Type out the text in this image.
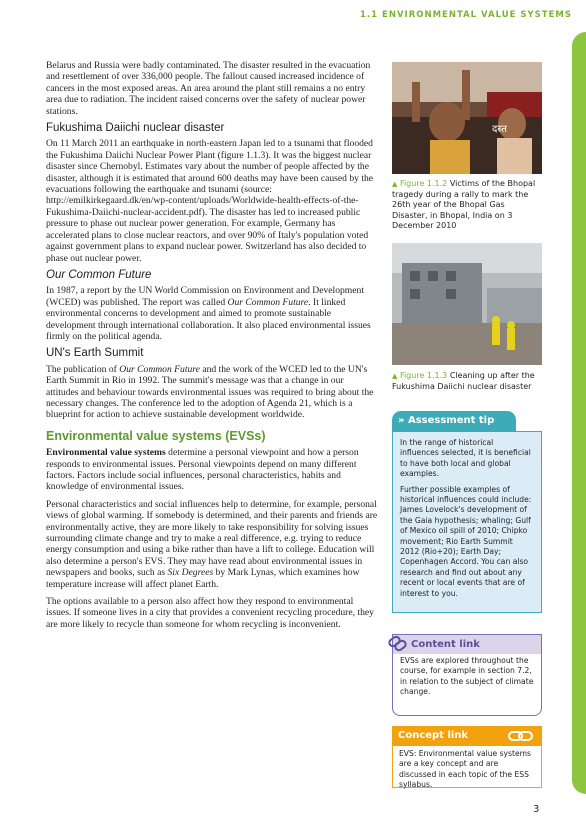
1.1 ENVIRONMENTAL VALUE SYSTEMS

Belarus and Russia were badly contaminated. The disaster resulted in the evacuation and resettlement of over 336,000 people. The fallout caused increased incidence of cancers in the most exposed areas. An area around the plant still remains a no entry area due to radiation. The incident raised concerns over the safety of nuclear power stations.

Fukushima Daiichi nuclear disaster

On 11 March 2011 an earthquake in north-eastern Japan led to a tsunami that flooded the Fukushima Daiichi Nuclear Power Plant (figure 1.1.3). It was the biggest nuclear disaster since Chernobyl. Estimates vary about the number of people affected by the disaster, although it is estimated that around 600 deaths may have been caused by the evacuations following the earthquake and tsunami (source: http://emilkirkegaard.dk/en/wp-content/uploads/Worldwide-health-effects-of-the-Fukushima-Daiichi-nuclear-accident.pdf). The disaster has led to increased public pressure to phase out nuclear power generation. For example, Germany has accelerated plans to close nuclear reactors, and over 90% of Italy's population voted against government plans to expand nuclear power. Switzerland has also decided to phase out nuclear power.

Our Common Future

In 1987, a report by the UN World Commission on Environment and Development (WCED) was published. The report was called Our Common Future. It linked environmental concerns to development and aimed to promote sustainable development through international collaboration. It also placed environmental issues firmly on the political agenda.

UN's Earth Summit

The publication of Our Common Future and the work of the WCED led to the UN's Earth Summit in Rio in 1992. The summit's message was that a change in our attitudes and behaviour towards environmental issues was required to bring about the necessary changes. The conference led to the adoption of Agenda 21, which is a blueprint for action to achieve sustainable development worldwide.

Environmental value systems (EVSs)

Environmental value systems determine a personal viewpoint and how a person responds to environmental issues. Personal viewpoints depend on many different factors. Factors include social influences, personal characteristics, habits and knowledge of environmental issues.

Personal characteristics and social influences help to determine, for example, personal views of global warming. If somebody is determined, and their parents and friends are environmentally active, they are more likely to take responsibility for solving issues surrounding climate change and try to make a real difference, e.g. trying to reduce energy consumption and using a bike rather than have a lift to college. Education will also determine a person's EVS. They may have read about environmental issues in newspapers and books, such as Six Degrees by Mark Lynas, which examines how temperature increase will affect planet Earth.

The options available to a person also affect how they respond to environmental issues. If someone lives in a city that provides a convenient recycling procedure, they are more likely to recycle than someone for whom recycling is inconvenient.

दस्त
▲ Figure 1.1.2 Victims of the Bhopal tragedy during a rally to mark the 26th year of the Bhopal Gas Disaster, in Bhopal, India on 3 December 2010
▲ Figure 1.1.3 Cleaning up after the Fukushima Daiichi nuclear disaster
» Assessment tip

In the range of historical influences selected, it is beneficial to have both local and global examples.

Further possible examples of historical influences could include: James Lovelock's development of the Gaia hypothesis; whaling; Gulf of Mexico oil spill of 2010; Chipko movement; Rio Earth Summit 2012 (Rio+20); Earth Day; Copenhagen Accord. You can also research and find out about any recent or local events that are of interest to you.

EVSs are explored throughout the course, for example in section 7.2, in relation to the subject of climate change.
Content link
Concept link
EVS: Environmental value systems are a key concept and are discussed in each topic of the ESS syllabus.
3
